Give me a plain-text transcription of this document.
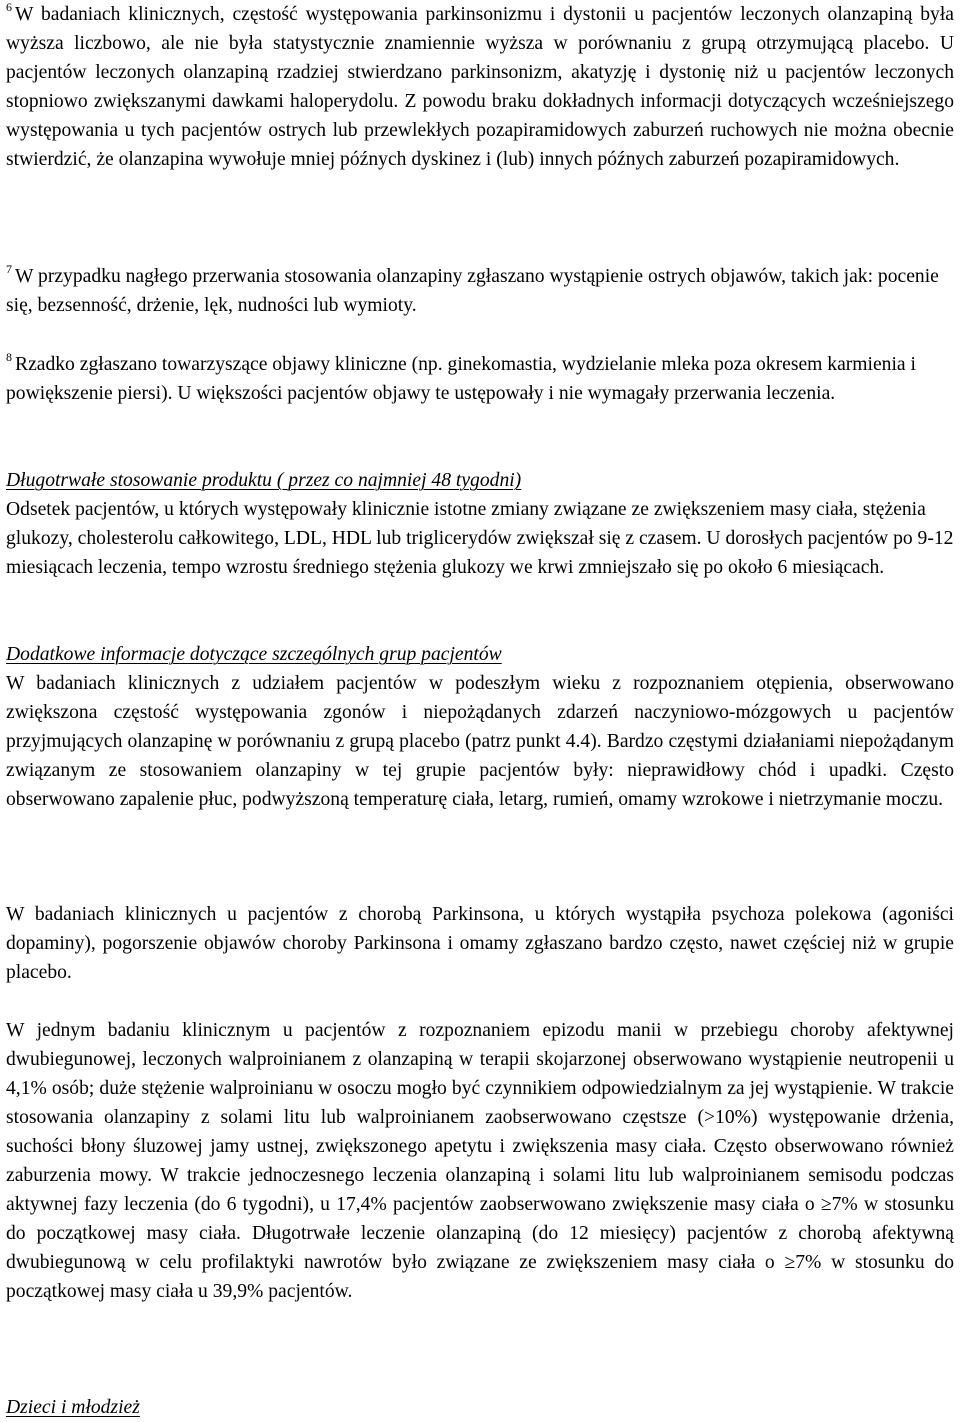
$^6$ W badaniach klinicznych, częstość występowania parkinsonizmu i dystonii u pacjentów leczonych olanzapiną była wyższa liczbowo, ale nie była statystycznie znamiennie wyższa w porównaniu z grupą otrzymującą placebo. U pacjentów leczonych olanzapiną rzadziej stwierdzano parkinsonizm, akatyzję i dystonię niż u pacjentów leczonych stopniowo zwiększanymi dawkami haloperydolu. Z powodu braku dokładnych informacji dotyczących wcześniejszego występowania u tych pacjentów ostrych lub przewlekłych pozapiramidowych zaburzeń ruchowych nie można obecnie stwierdzić, że olanzapina wywołuje mniej późnych dyskinez i (lub) innych późnych zaburzeń pozapiramidowych.

$^7$ W przypadku nagłego przerwania stosowania olanzapiny zgłaszano wystąpienie ostrych objawów, takich jak: pocenie się, bezsenność, drżenie, lęk, nudności lub wymioty.

$^8$ Rzadko zgłaszano towarzyszące objawy kliniczne (np. ginekomastia, wydzielanie mleka poza okresem karmienia i powiększenie piersi). U większości pacjentów objawy te ustępowały i nie wymagały przerwania leczenia.

Długotrwałe stosowanie produktu ( przez co najmniej 48 tygodni)

Odsetek pacjentów, u których występowały klinicznie istotne zmiany związane ze zwiększeniem masy ciała, stężenia glukozy, cholesterolu całkowitego, LDL, HDL lub triglicerydów zwiększał się z czasem. U dorosłych pacjentów po 9-12 miesiącach leczenia, tempo wzrostu średniego stężenia glukozy we krwi zmniejszało się po około 6 miesiącach.

Dodatkowe informacje dotyczące szczególnych grup pacjentów

W badaniach klinicznych z udziałem pacjentów w podeszłym wieku z rozpoznaniem otępienia, obserwowano zwiększona częstość występowania zgonów i niepożądanych zdarzeń naczyniowo-mózgowych u pacjentów przyjmujących olanzapinę w porównaniu z grupą placebo (patrz punkt 4.4). Bardzo częstymi działaniami niepożądanym związanym ze stosowaniem olanzapiny w tej grupie pacjentów były: nieprawidłowy chód i upadki. Często obserwowano zapalenie płuc, podwyższoną temperaturę ciała, letarg, rumień, omamy wzrokowe i nietrzymanie moczu.

W badaniach klinicznych u pacjentów z chorobą Parkinsona, u których wystąpiła psychoza polekowa (agoniści dopaminy), pogorszenie objawów choroby Parkinsona i omamy zgłaszano bardzo często, nawet częściej niż w grupie placebo.

W jednym badaniu klinicznym u pacjentów z rozpoznaniem epizodu manii w przebiegu choroby afektywnej dwubiegunowej, leczonych walproinianem z olanzapiną w terapii skojarzonej obserwowano wystąpienie neutropenii u 4,1% osób; duże stężenie walproinianu w osoczu mogło być czynnikiem odpowiedzialnym za jej wystąpienie. W trakcie stosowania olanzapiny z solami litu lub walproinianem zaobserwowano częstsze (>10%) występowanie drżenia, suchości błony śluzowej jamy ustnej, zwiększonego apetytu i zwiększenia masy ciała. Często obserwowano również zaburzenia mowy. W trakcie jednoczesnego leczenia olanzapiną i solami litu lub walproinianem semisodu podczas aktywnej fazy leczenia (do 6 tygodni), u 17,4% pacjentów zaobserwowano zwiększenie masy ciała o ≥7% w stosunku do początkowej masy ciała. Długotrwałe leczenie olanzapiną (do 12 miesięcy) pacjentów z chorobą afektywną dwubiegunową w celu profilaktyki nawrotów było związane ze zwiększeniem masy ciała o ≥7% w stosunku do początkowej masy ciała u 39,9% pacjentów.

Dzieci i młodzież
